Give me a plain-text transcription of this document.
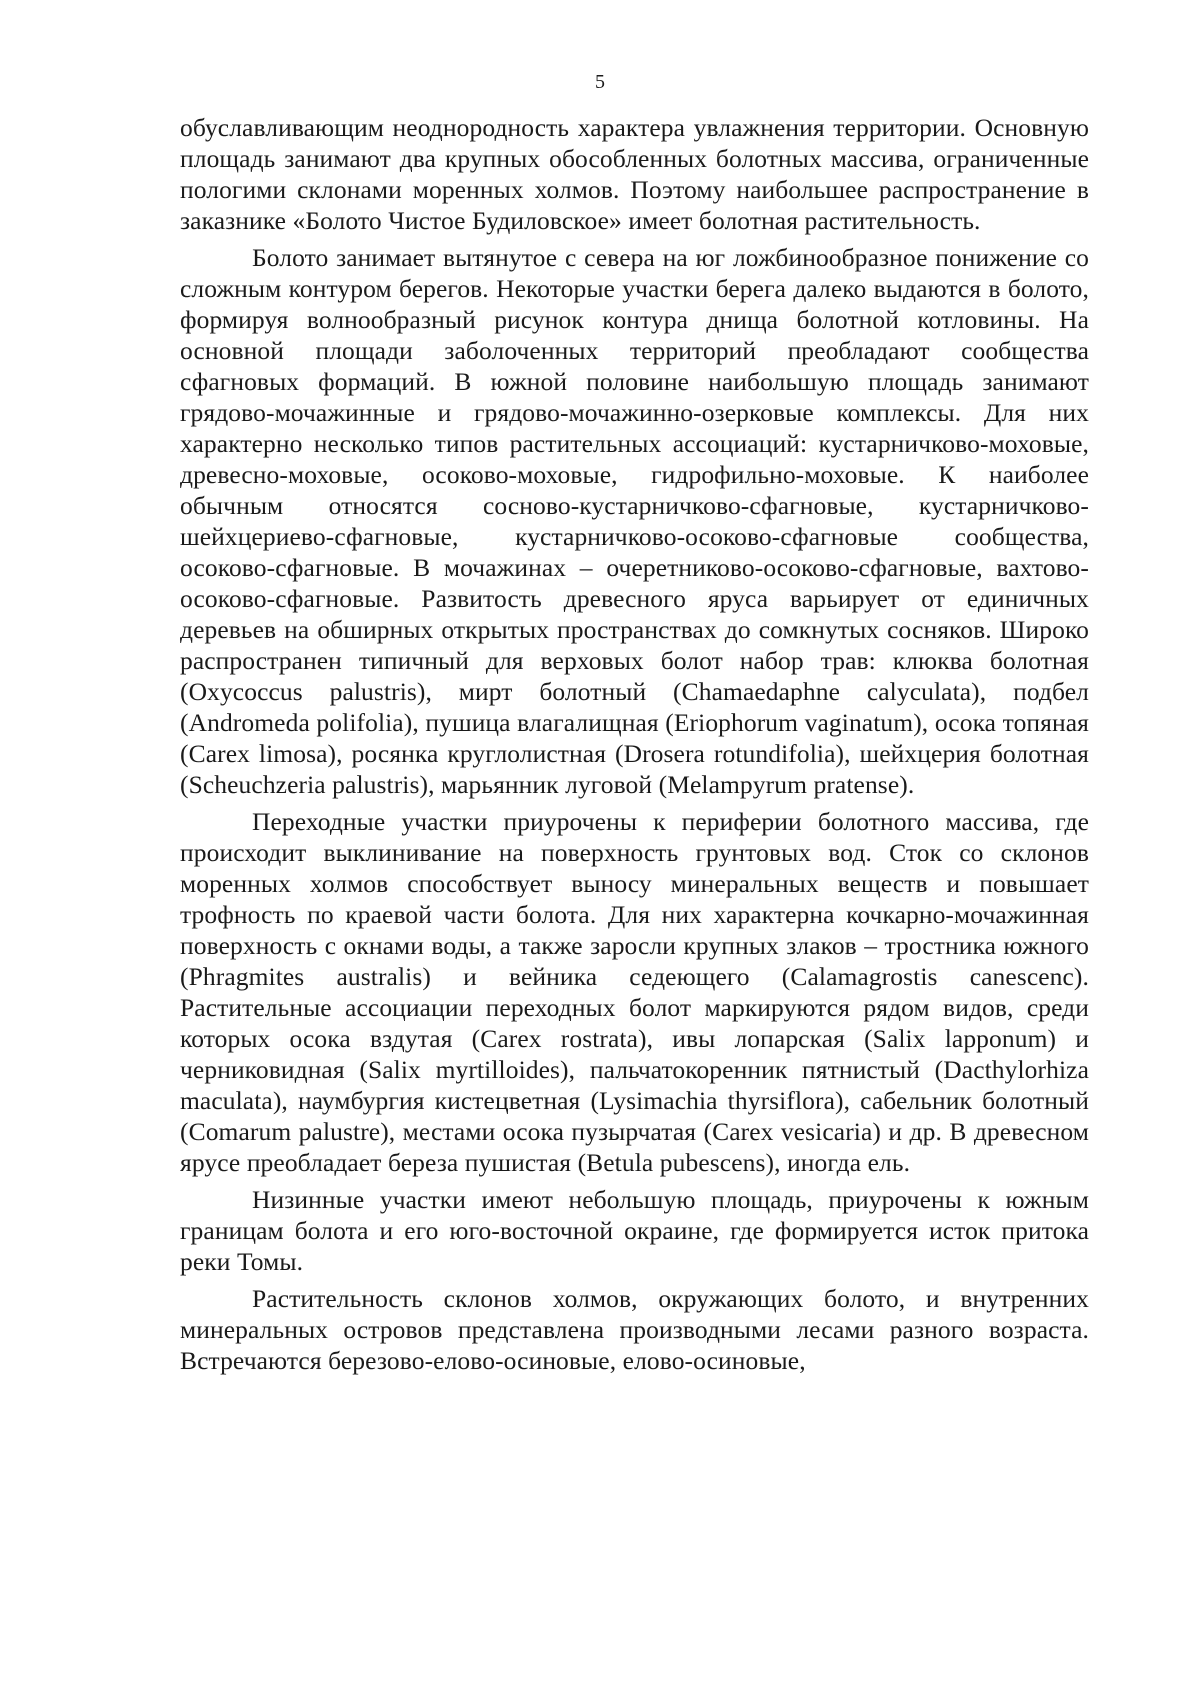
5

обуславливающим неоднородность характера увлажнения территории. Основную площадь занимают два крупных обособленных болотных массива, ограниченные пологими склонами моренных холмов. Поэтому наибольшее распространение в заказнике «Болото Чистое Будиловское» имеет болотная растительность.

Болото занимает вытянутое с севера на юг ложбинообразное понижение со сложным контуром берегов. Некоторые участки берега далеко выдаются в болото, формируя волнообразный рисунок контура днища болотной котловины. На основной площади заболоченных территорий преобладают сообщества сфагновых формаций. В южной половине наибольшую площадь занимают грядово-мочажинные и грядово-мочажинно-озерковые комплексы. Для них характерно несколько типов растительных ассоциаций: кустарничково-моховые, древесно-моховые, осоково-моховые, гидрофильно-моховые. К наиболее обычным относятся сосново-кустарничково-сфагновые, кустарничково-шейхцериево-сфагновые, кустарничково-осоково-сфагновые сообщества, осоково-сфагновые. В мочажинах – очеретниково-осоково-сфагновые, вахтово-осоково-сфагновые. Развитость древесного яруса варьирует от единичных деревьев на обширных открытых пространствах до сомкнутых сосняков. Широко распространен типичный для верховых болот набор трав: клюква болотная (Oxycoccus palustris), мирт болотный (Chamaedaphne calyculata), подбел (Andromeda polifolia), пушица влагалищная (Eriophorum vaginatum), осока топяная (Carex limosa), росянка круглолистная (Drosera rotundifolia), шейхцерия болотная (Scheuchzeria palustris), марьянник луговой (Melampyrum pratense).

Переходные участки приурочены к периферии болотного массива, где происходит выклинивание на поверхность грунтовых вод. Сток со склонов моренных холмов способствует выносу минеральных веществ и повышает трофность по краевой части болота. Для них характерна кочкарно-мочажинная поверхность с окнами воды, а также заросли крупных злаков – тростника южного (Phragmites australis) и вейника седеющего (Calamagrostis canescenc). Растительные ассоциации переходных болот маркируются рядом видов, среди которых осока вздутая (Carex rostrata), ивы лопарская (Salix lapponum) и черниковидная (Salix myrtilloides), пальчатокоренник пятнистый (Dacthylorhiza maculata), наумбургия кистецветная (Lysimachia thyrsiflora), сабельник болотный (Comarum palustre), местами осока пузырчатая (Carex vesicaria) и др. В древесном ярусе преобладает береза пушистая (Betula pubescens), иногда ель.

Низинные участки имеют небольшую площадь, приурочены к южным границам болота и его юго-восточной окраине, где формируется исток притока реки Томы.

Растительность склонов холмов, окружающих болото, и внутренних минеральных островов представлена производными лесами разного возраста. Встречаются березово-елово-осиновые, елово-осиновые,
